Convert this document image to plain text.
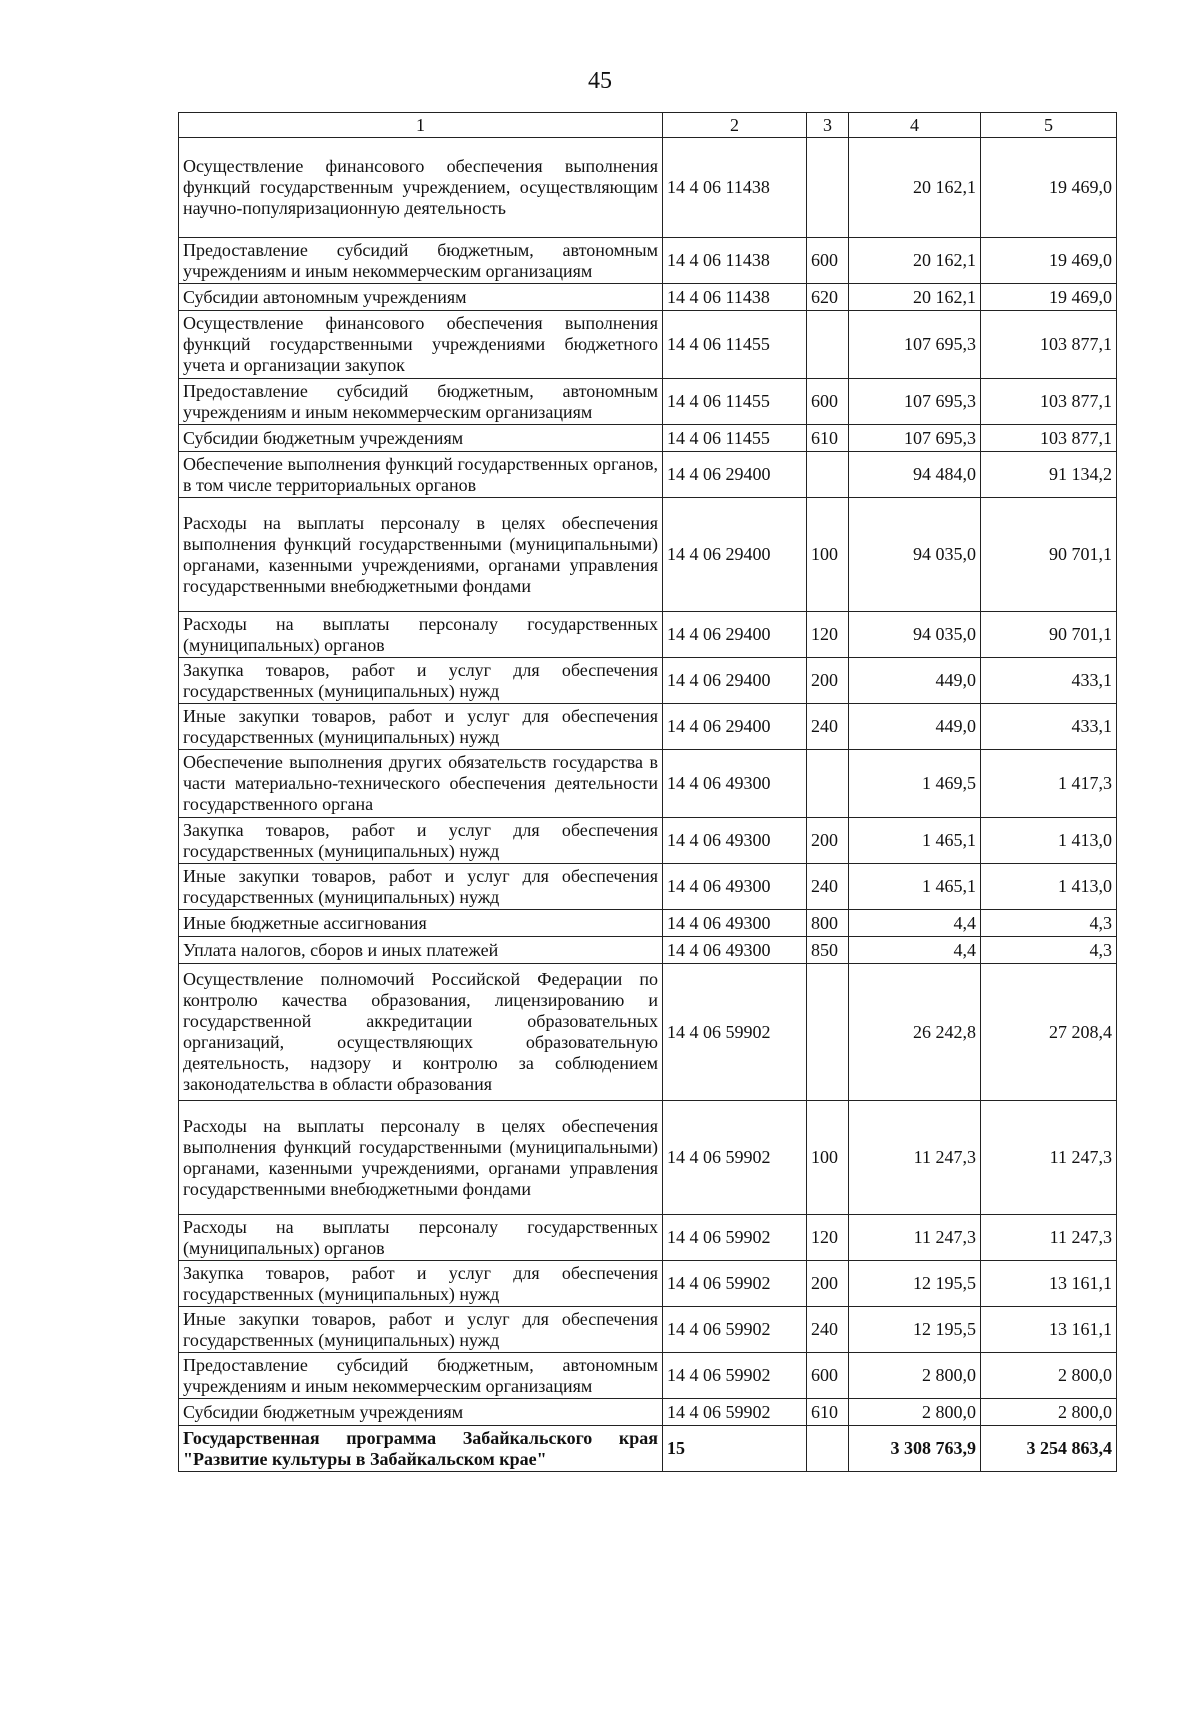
45
1	2	3	4	5
Осуществление финансового обеспечения выполнения функций государственным учреждением, осуществляющим научно-популяризационную деятельность	14 4 06 11438		20 162,1	19 469,0
Предоставление субсидий бюджетным, автономным учреждениям и иным некоммерческим организациям	14 4 06 11438	600	20 162,1	19 469,0
Субсидии автономным учреждениям	14 4 06 11438	620	20 162,1	19 469,0
Осуществление финансового обеспечения выполнения функций государственными учреждениями бюджетного учета и организации закупок	14 4 06 11455		107 695,3	103 877,1
Предоставление субсидий бюджетным, автономным учреждениям и иным некоммерческим организациям	14 4 06 11455	600	107 695,3	103 877,1
Субсидии бюджетным учреждениям	14 4 06 11455	610	107 695,3	103 877,1
Обеспечение выполнения функций государственных органов, в том числе территориальных органов	14 4 06 29400		94 484,0	91 134,2
Расходы на выплаты персоналу в целях обеспечения выполнения функций государственными (муниципальными) органами, казенными учреждениями, органами управления государственными внебюджетными фондами	14 4 06 29400	100	94 035,0	90 701,1
Расходы на выплаты персоналу государственных (муниципальных) органов	14 4 06 29400	120	94 035,0	90 701,1
Закупка товаров, работ и услуг для обеспечения государственных (муниципальных) нужд	14 4 06 29400	200	449,0	433,1
Иные закупки товаров, работ и услуг для обеспечения государственных (муниципальных) нужд	14 4 06 29400	240	449,0	433,1
Обеспечение выполнения других обязательств государства в части материально-технического обеспечения деятельности государственного органа	14 4 06 49300		1 469,5	1 417,3
Закупка товаров, работ и услуг для обеспечения государственных (муниципальных) нужд	14 4 06 49300	200	1 465,1	1 413,0
Иные закупки товаров, работ и услуг для обеспечения государственных (муниципальных) нужд	14 4 06 49300	240	1 465,1	1 413,0
Иные бюджетные ассигнования	14 4 06 49300	800	4,4	4,3
Уплата налогов, сборов и иных платежей	14 4 06 49300	850	4,4	4,3
Осуществление полномочий Российской Федерации по контролю качества образования, лицензированию и государственной аккредитации образовательных организаций, осуществляющих образовательную деятельность, надзору и контролю за соблюдением законодательства в области образования	14 4 06 59902		26 242,8	27 208,4
Расходы на выплаты персоналу в целях обеспечения выполнения функций государственными (муниципальными) органами, казенными учреждениями, органами управления государственными внебюджетными фондами	14 4 06 59902	100	11 247,3	11 247,3
Расходы на выплаты персоналу государственных (муниципальных) органов	14 4 06 59902	120	11 247,3	11 247,3
Закупка товаров, работ и услуг для обеспечения государственных (муниципальных) нужд	14 4 06 59902	200	12 195,5	13 161,1
Иные закупки товаров, работ и услуг для обеспечения государственных (муниципальных) нужд	14 4 06 59902	240	12 195,5	13 161,1
Предоставление субсидий бюджетным, автономным учреждениям и иным некоммерческим организациям	14 4 06 59902	600	2 800,0	2 800,0
Субсидии бюджетным учреждениям	14 4 06 59902	610	2 800,0	2 800,0
Государственная программа Забайкальского края "Развитие культуры в Забайкальском крае"	15		3 308 763,9	3 254 863,4
